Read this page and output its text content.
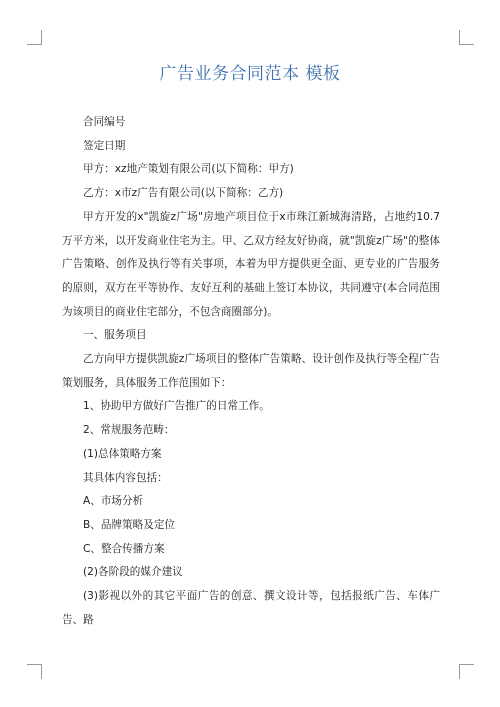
广告业务合同范本 模板

合同编号

签定日期

甲方：xz地产策划有限公司(以下简称：甲方)

乙方：x市z广告有限公司(以下简称：乙方)

甲方开发的x"凯旋z广场"房地产项目位于x市珠江新城海清路，占地约10.7万平方米，以开发商业住宅为主。甲、乙双方经友好协商，就"凯旋z广场"的整体广告策略、创作及执行等有关事项，本着为甲方提供更全面、更专业的广告服务的原则，双方在平等协作、友好互利的基础上签订本协议，共同遵守(本合同范围为该项目的商业住宅部分，不包含商圈部分)。

一、服务项目

乙方向甲方提供凯旋z广场项目的整体广告策略、设计创作及执行等全程广告策划服务，具体服务工作范围如下：

1、协助甲方做好广告推广的日常工作。

2、常规服务范畴：

(1)总体策略方案

其具体内容包括：

A、市场分析

B、品牌策略及定位

C、整合传播方案

(2)各阶段的媒介建议

(3)影视以外的其它平面广告的创意、撰文设计等，包括报纸广告、车体广告、路
